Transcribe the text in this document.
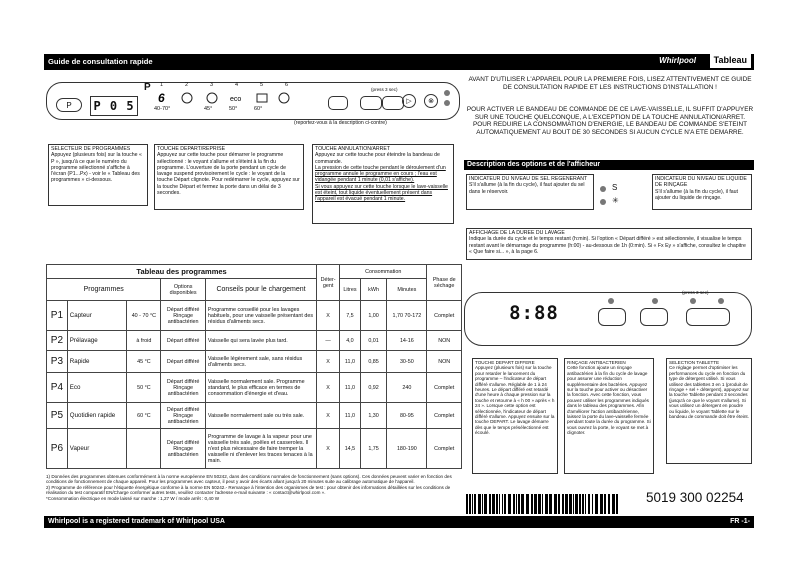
Guide de consultation rapide	Whirlpool	Tableau
P	P 0 5
P 1	2	3	4	5	6
6	eco
40-70°	45°	50°	60°
(press 3 sec)
▷ ⊗
(reportez-vous à la description ci-contre)
SELECTEUR DE PROGRAMMES
Appuyez (plusieurs fois) sur la touche « P », jusqu'à ce que le numéro du programme sélectionné s'affiche à l'écran (P1...Px) - voir le « Tableau des programmes » ci-dessous.
TOUCHE DEPART/REPRISE
Appuyez sur cette touche pour démarrer le programme sélectionné : le voyant s'allume et s'éteint à la fin du programme. L'ouverture de la porte pendant un cycle de lavage suspend provisoirement le cycle : le voyant de la touche Départ clignote. Pour redémarrer le cycle, appuyez sur la touche Départ et fermez la porte dans un délai de 3 secondes.
TOUCHE ANNULATION/ARRET
Appuyez sur cette touche pour éteindre la bandeau de commande.
La pression de cette touche pendant le déroulement d'un programme annule le programme en cours ; l'eau est vidangée pendant 1 minute (0,01 s'affiche).
Si vous appuyez sur cette touche lorsque le lave-vaisselle est éteint, tout liquide éventuellement présent dans l'appareil est évacué pendant 1 minute.
AVANT D'UTILISER L'APPAREIL POUR LA PREMIERE FOIS, LISEZ ATTENTIVEMENT CE GUIDE DE CONSULTATION RAPIDE ET LES INSTRUCTIONS D'INSTALLATION !
POUR ACTIVER LE BANDEAU DE COMMANDE DE CE LAVE-VAISSELLE, IL SUFFIT D'APPUYER SUR UNE TOUCHE QUELCONQUE, A L'EXCEPTION DE LA TOUCHE ANNULATION/ARRET. POUR REDUIRE LA CONSOMMATION D'ENERGIE, LE BANDEAU DE COMMANDE S'ETEINT AUTOMATIQUEMENT AU BOUT DE 30 SECONDES SI AUCUN CYCLE N'A ETE DEMARRE.
Description des options et de l'afficheur
INDICATEUR DU NIVEAU DE SEL REGENERANT
S'il s'allume (à la fin du cycle), il faut ajouter du sel dans le réservoir.	S
✳
INDICATEUR DU NIVEAU DE LIQUIDE DE RINÇAGE
S'il s'allume (à la fin du cycle), il faut ajouter du liquide de rinçage.
AFFICHAGE DE LA DUREE DU LAVAGE
Indique la durée du cycle et le temps restant (h:min). Si l'option « Départ différé » est sélectionnée, il visualise le temps restant avant le démarrage du programme (h:00) - au-dessous de 1h (0:min). Si « Fx Ey » s'affiche, consultez le chapitre « Que faire si... », à la page 6.
8:88
(press 3 sec)
TOUCHE DEPART DIFFERE
Appuyez (plusieurs fois) sur la touche pour retarder le lancement du programme – l'indicateur de départ différé s'allume. Réglable de 1 à 24 heures. Le départ différé est retardé d'une heure à chaque pression sur la touche et retourne à « h 00 » après « h 24 ». Lorsque cette option est sélectionnée, l'indicateur de départ différé s'allume. Appuyez ensuite sur la touche DEPART. Le lavage démarre dès que le temps présélectionné est écoulé.
RINÇAGE ANTIBACTERIEN
Cette fonction ajoute un rinçage antibactérien à la fin du cycle de lavage pour assurer une réduction supplémentaire des bactéries. Appuyez sur la touche pour activer ou désactiver la fonction. Avec cette fonction, vous pouvez utiliser les programmes indiqués dans le tableau des programmes. Afin d'améliorer l'action antibactérienne, laissez la porte du lave-vaisselle fermée pendant toute la durée du programme. Si vous ouvrez la porte, le voyant se met à clignoter.
SELECTION TABLETTE
Ce réglage permet d'optimiser les performances du cycle en fonction du type de détergent utilisé. Si vous utilisez des tablettes 3 en 1 (produit de rinçage + sel + détergent), appuyez sur la touche Tablette pendant 3 secondes (jusqu'à ce que le voyant s'allume). Si vous utilisez un détergent en poudre ou liquide, le voyant Tablette sur le bandeau de commande doit être éteint.
Tableau des programmes					Déter- gent	Consommation			Phase de séchage
Programmes			Options disponibles	Conseils pour le chargement		Litres	kWh	Minutes	
P1	Capteur	40 - 70 °C	Départ différé Rinçage antibactérien	Programme conseillé pour les lavages habituels, pour une vaisselle présentant des résidus d'aliments secs.	X	7,5	1,00	1,70 70-172	Complet
P2	Prélavage	à froid	Départ différé	Vaisselle qui sera lavée plus tard.	—	4,0	0,01	14-16	NON
P3	Rapide	45 °C	Départ différé	Vaisselle légèrement sale, sans résidus d'aliments secs.	X	11,0	0,85	30-50	NON
P4	Eco	50 °C	Départ différé Rinçage antibactérien	Vaisselle normalement sale. Programme standard, le plus efficace en termes de consommation d'énergie et d'eau.	X	11,0	0,92	240	Complet
P5	Quotidien rapide	60 °C	Départ différé Rinçage antibactérien	Vaisselle normalement sale ou très sale.	X	11,0	1,30	80-95	Complet
P6	Vapeur		Départ différé Rinçage antibactérien	Programme de lavage à la vapeur pour une vaisselle très sale, poêles et casseroles. Il n'est plus nécessaire de faire tremper la vaisselle ni d'enlever les traces tenaces à la main.	X	14,5	1,75	180-190	Complet
1) Données des programmes obtenues conformément à la norme européenne EN 50242, dans des conditions normales de fonctionnement (sans options). Ces données peuvent varier en fonction des conditions de fonctionnement de chaque appareil. Pour les programmes avec capteur, il peut y avoir des écarts allant jusqu'à 20 minutes suite au calibrage automatique de l'appareil.
2) Programme de référence pour l'étiquette énergétique conforme à la norme EN 50242.- Remarque à l'intention des organismes de test : pour obtenir des informations détaillées sur les conditions de réalisation du test comparatif EN/Charge conforme/ autres tests, veuillez contacter l'adresse e-mail suivante : « contact@whirlpool.com ».
*Consommation électrique en mode laissé sur marche : 1,27 W / mode arrêt : 0,40 W	5019 300 02254
Whirlpool is a registered trademark of Whirlpool USA	FR -1-
